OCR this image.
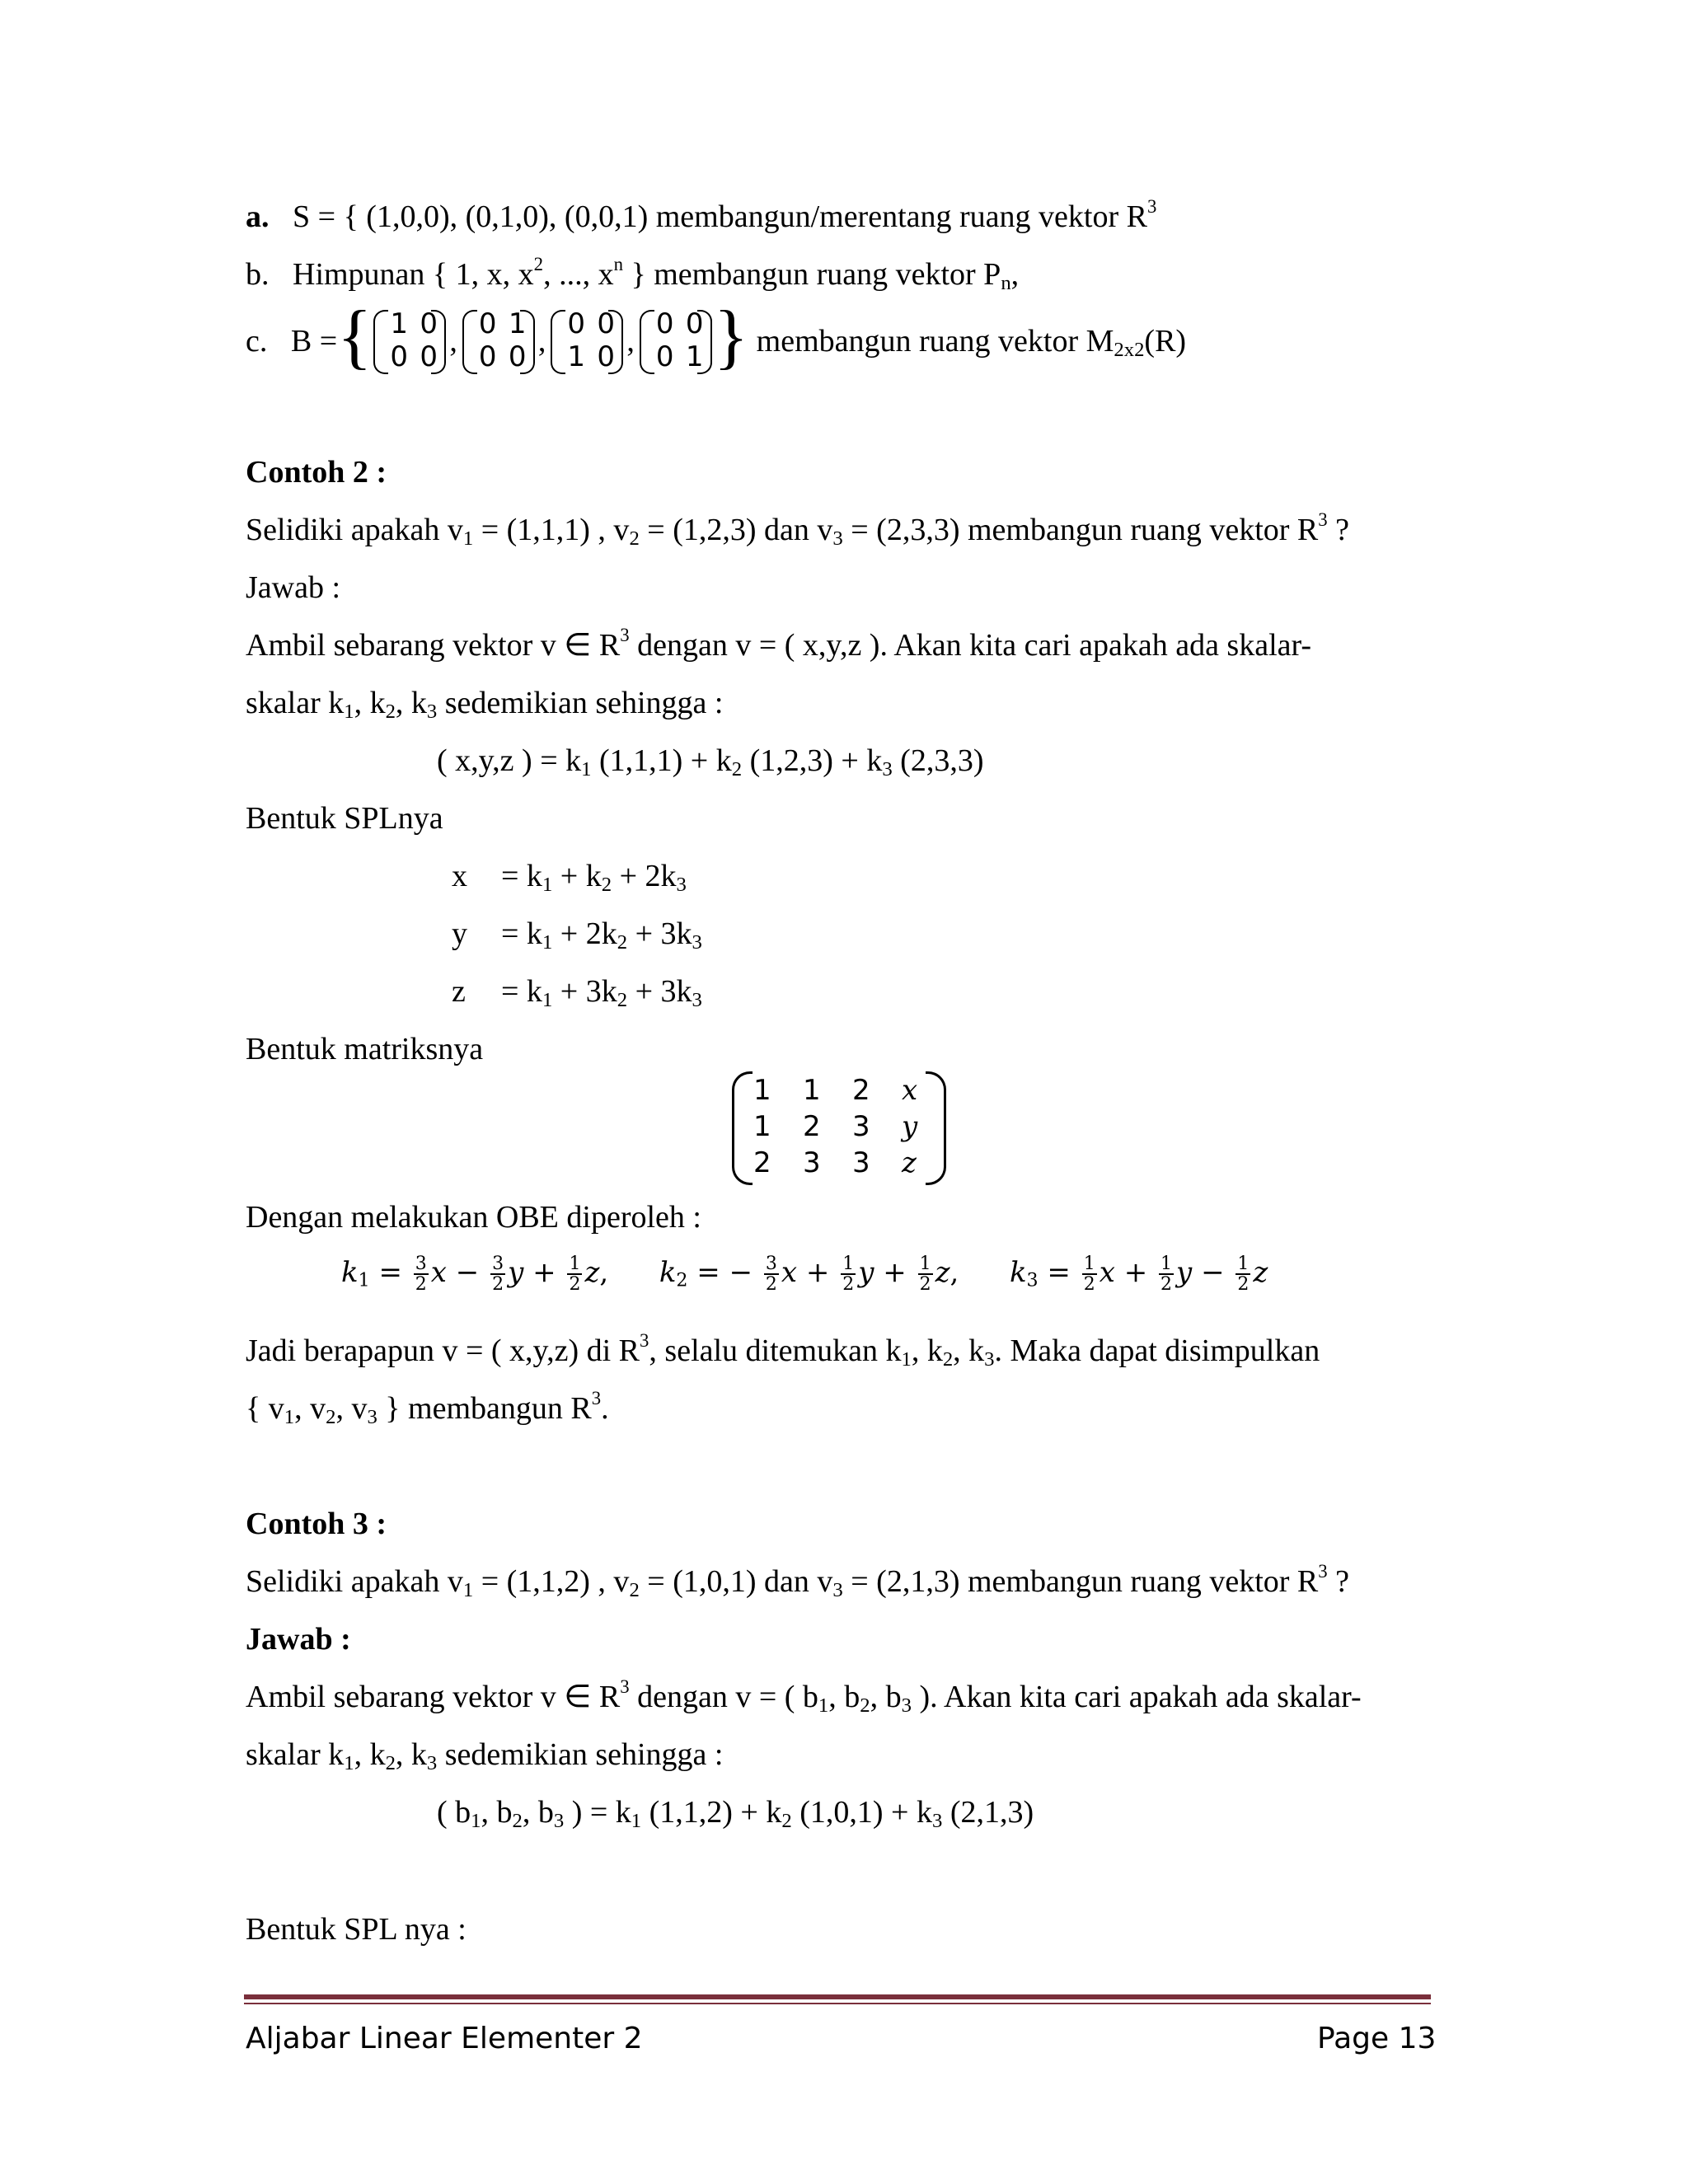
a. S = { (1,0,0), (0,1,0), (0,0,1) membangun/merentang ruang vektor $R^3$
b. Himpunan { 1, x, $x^2$, ..., $x^n$ } membangun ruang vektor $P_n$,
c. B ={ 1 0
0 0 , 0 1
0 0 , 0 0
1 0 , 0 0
0 1 } membangun ruang vektor $M_{2x2}(R)$
Contoh 2 :
Selidiki apakah $v_1 = (1,1,1)$ , $v_2 = (1,2,3)$ dan $v_3 = (2,3,3)$ membangun ruang vektor $R^3$ ?
Jawab :
Ambil sebarang vektor v ∈ $R^3$ dengan v = ( x,y,z ). Akan kita cari apakah ada skalar-
skalar $k_1$, $k_2$, $k_3$ sedemikian sehingga :
( x,y,z ) = $k_1$ $(1,1,1) + k_2$ $(1,2,3) + k_3$ (2,3,3)
Bentuk SPLnya
$x = k_1 + k_2 + 2k_3$
$y = k_1 + 2k_2 + 3k_3$
$z = k_1 + 3k_2 + 3k_3$
Bentuk matriksnya
1 1 2 x
1 2 3 y
2 3 3 z
Dengan melakukan OBE diperoleh :
$k_1 = \frac{3}{2}$ $x - \frac{3}{2}$ $y + \frac{1}{2} z$, $k_2$ = − $\frac{3}{2}$ $x + \frac{1}{2}$ $y + \frac{1}{2} z$, $k_3 = \frac{1}{2}$ $x + \frac{1}{2}$ $y - \frac{1}{2}$ z
Jadi berapapun v = ( x,y,z) di $R^3$, selalu ditemukan $k_1$, $k_2$, $k_3$. Maka dapat disimpulkan
{ $v_1$, $v_2$, $v_3$ } membangun $R^3$.
Contoh 3 :
Selidiki apakah $v_1 = (1,1,2)$ , $v_2 = (1,0,1)$ dan $v_3 = (2,1,3)$ membangun ruang vektor $R^3$ ?
Jawab :
Ambil sebarang vektor v ∈ $R^3$ dengan v = ( $b_1$, $b_2$, $b_3$ ). Akan kita cari apakah ada skalar-
skalar $k_1$, $k_2$, $k_3$ sedemikian sehingga :
( $b_1$, $b_2$, $b_3$ ) = $k_1$ $(1,1,2) + k_2$ $(1,0,1) + k_3$ (2,1,3)
Bentuk SPL nya :
Aljabar Linear Elementer 2	Page 13
